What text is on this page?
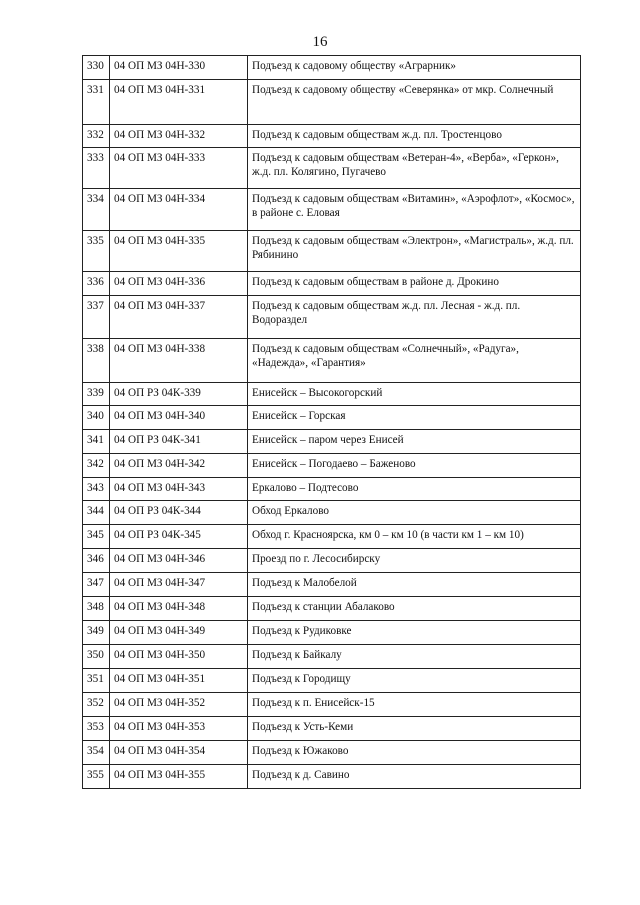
16
330	04 ОП МЗ 04Н-330	Подъезд к садовому обществу «Аграрник»
331	04 ОП МЗ 04Н-331	Подъезд к садовому обществу «Северянка» от мкр. Солнечный
332	04 ОП МЗ 04Н-332	Подъезд к садовым обществам ж.д. пл. Тростенцово
333	04 ОП МЗ 04Н-333	Подъезд к садовым обществам «Ветеран-4», «Верба», «Геркон», ж.д. пл. Колягино, Пугачево
334	04 ОП МЗ 04Н-334	Подъезд к садовым обществам «Витамин», «Аэрофлот», «Космос», в районе с. Еловая
335	04 ОП МЗ 04Н-335	Подъезд к садовым обществам «Электрон», «Магистраль», ж.д. пл. Рябинино
336	04 ОП МЗ 04Н-336	Подъезд к садовым обществам в районе д. Дрокино
337	04 ОП МЗ 04Н-337	Подъезд к садовым обществам ж.д. пл. Лесная - ж.д. пл. Водораздел
338	04 ОП МЗ 04Н-338	Подъезд к садовым обществам «Солнечный», «Радуга», «Надежда», «Гарантия»
339	04 ОП РЗ 04К-339	Енисейск – Высокогорский
340	04 ОП МЗ 04Н-340	Енисейск – Горская
341	04 ОП РЗ 04К-341	Енисейск – паром через Енисей
342	04 ОП МЗ 04Н-342	Енисейск – Погодаево – Баженово
343	04 ОП МЗ 04Н-343	Еркалово – Подтесово
344	04 ОП РЗ 04К-344	Обход Еркалово
345	04 ОП РЗ 04К-345	Обход г. Красноярска, км 0 – км 10 (в части км 1 – км 10)
346	04 ОП МЗ 04Н-346	Проезд по г. Лесосибирску
347	04 ОП МЗ 04Н-347	Подъезд к Малобелой
348	04 ОП МЗ 04Н-348	Подъезд к станции Абалаково
349	04 ОП МЗ 04Н-349	Подъезд к Рудиковке
350	04 ОП МЗ 04Н-350	Подъезд к Байкалу
351	04 ОП МЗ 04Н-351	Подъезд к Городищу
352	04 ОП МЗ 04Н-352	Подъезд к п. Енисейск-15
353	04 ОП МЗ 04Н-353	Подъезд к Усть-Кеми
354	04 ОП МЗ 04Н-354	Подъезд к Южаково
355	04 ОП МЗ 04Н-355	Подъезд к д. Савино
